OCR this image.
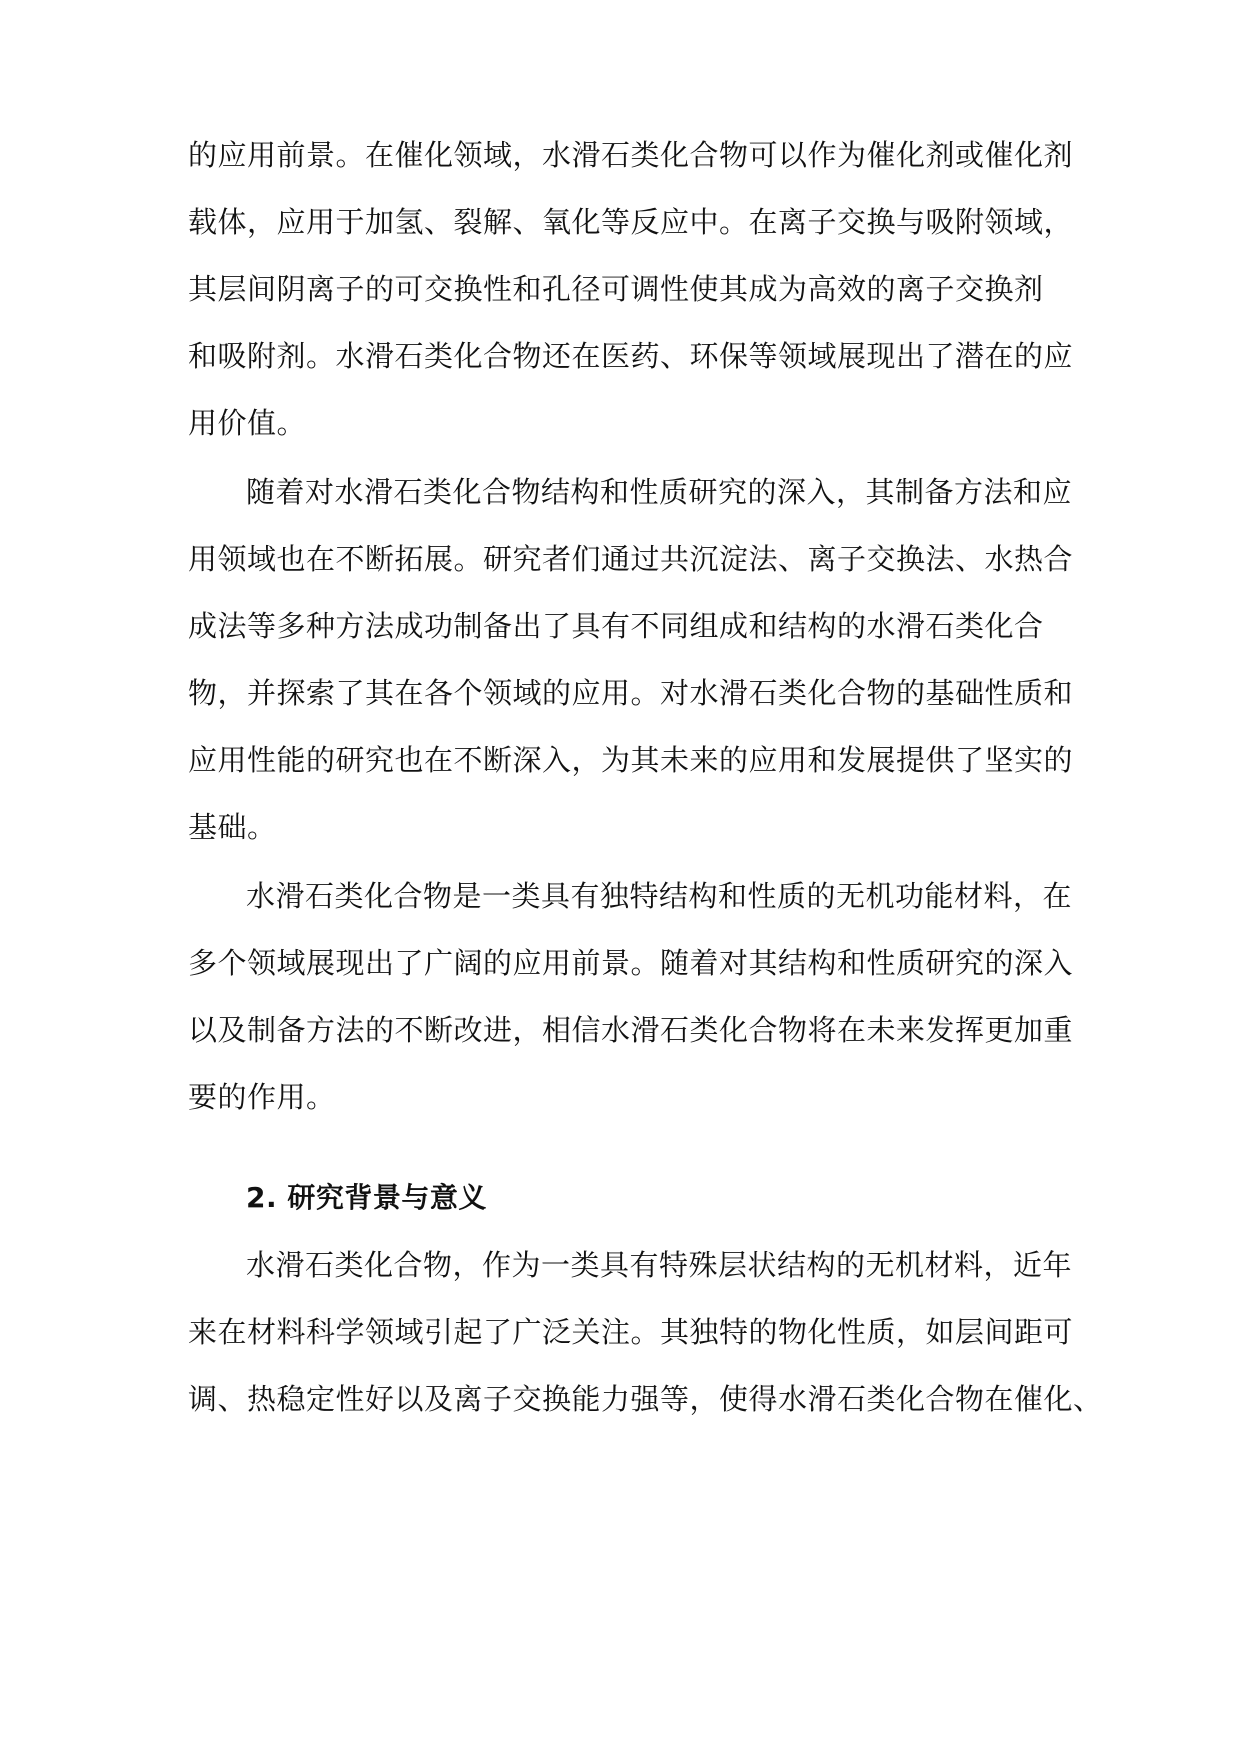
的应用前景。在催化领域，水滑石类化合物可以作为催化剂或催化剂
载体，应用于加氢、裂解、氧化等反应中。在离子交换与吸附领域，
其层间阴离子的可交换性和孔径可调性使其成为高效的离子交换剂
和吸附剂。水滑石类化合物还在医药、环保等领域展现出了潜在的应
用价值。
随着对水滑石类化合物结构和性质研究的深入，其制备方法和应
用领域也在不断拓展。研究者们通过共沉淀法、离子交换法、水热合
成法等多种方法成功制备出了具有不同组成和结构的水滑石类化合
物，并探索了其在各个领域的应用。对水滑石类化合物的基础性质和
应用性能的研究也在不断深入，为其未来的应用和发展提供了坚实的
基础。
水滑石类化合物是一类具有独特结构和性质的无机功能材料，在
多个领域展现出了广阔的应用前景。随着对其结构和性质研究的深入
以及制备方法的不断改进，相信水滑石类化合物将在未来发挥更加重
要的作用。
2. 研究背景与意义
水滑石类化合物，作为一类具有特殊层状结构的无机材料，近年
来在材料科学领域引起了广泛关注。其独特的物化性质，如层间距可
调、热稳定性好以及离子交换能力强等，使得水滑石类化合物在催化、
